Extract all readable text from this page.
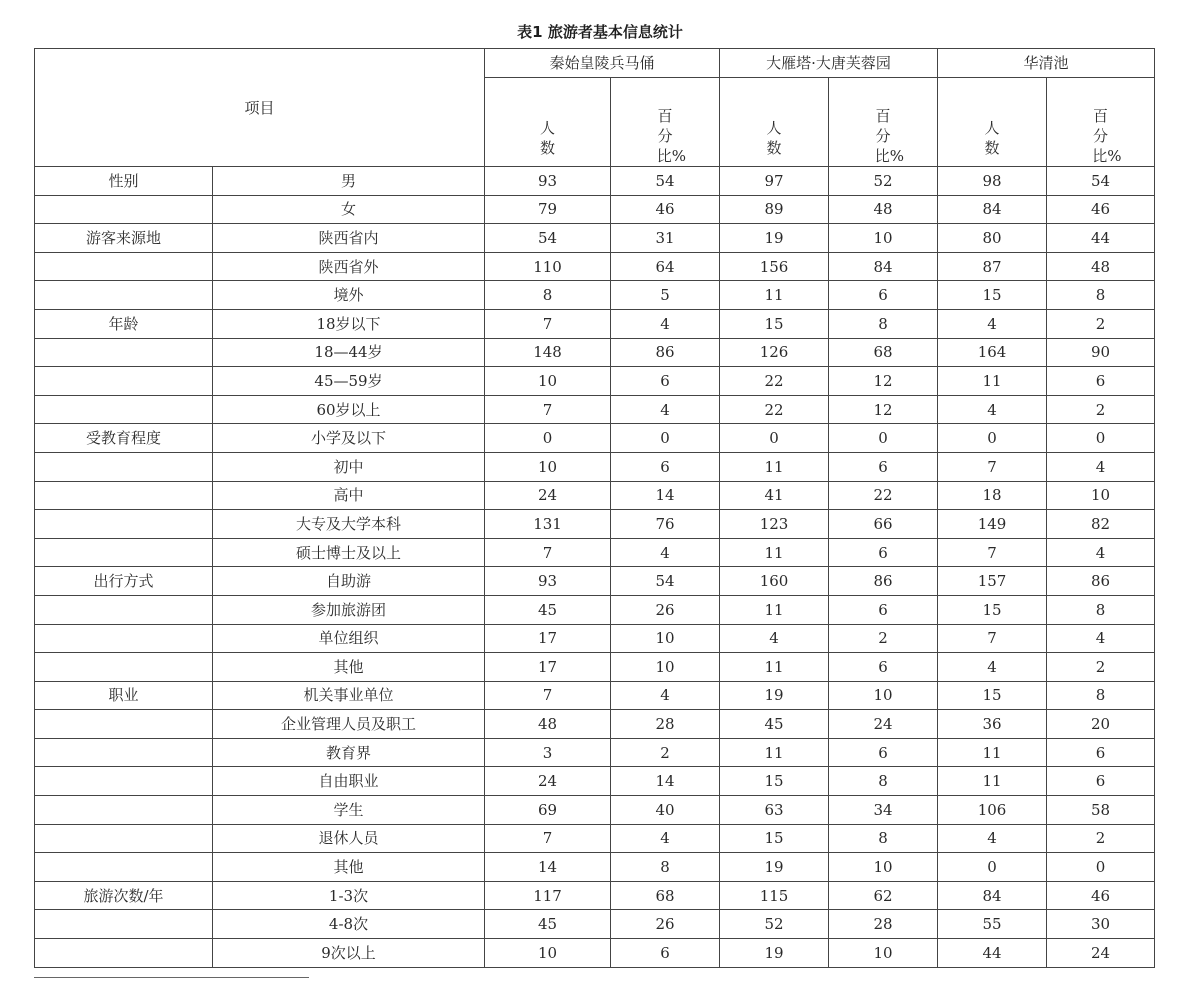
表1 旅游者基本信息统计
项目		秦始皇陵兵马俑		大雁塔·大唐芙蓉园		华清池	
		人数	百分比%	人数	百分比%	人数	百分比%
性别	男	93	54	97	52	98	54
	女	79	46	89	48	84	46
游客来源地	陕西省内	54	31	19	10	80	44
	陕西省外	110	64	156	84	87	48
	境外	8	5	11	6	15	8
年龄	18岁以下	7	4	15	8	4	2
	18—44岁	148	86	126	68	164	90
	45—59岁	10	6	22	12	11	6
	60岁以上	7	4	22	12	4	2
受教育程度	小学及以下	0	0	0	0	0	0
	初中	10	6	11	6	7	4
	高中	24	14	41	22	18	10
	大专及大学本科	131	76	123	66	149	82
	硕士博士及以上	7	4	11	6	7	4
出行方式	自助游	93	54	160	86	157	86
	参加旅游团	45	26	11	6	15	8
	单位组织	17	10	4	2	7	4
	其他	17	10	11	6	4	2
职业	机关事业单位	7	4	19	10	15	8
	企业管理人员及职工	48	28	45	24	36	20
	教育界	3	2	11	6	11	6
	自由职业	24	14	15	8	11	6
	学生	69	40	63	34	106	58
	退休人员	7	4	15	8	4	2
	其他	14	8	19	10	0	0
旅游次数/年	1-3次	117	68	115	62	84	46
	4-8次	45	26	52	28	55	30
	9次以上	10	6	19	10	44	24
